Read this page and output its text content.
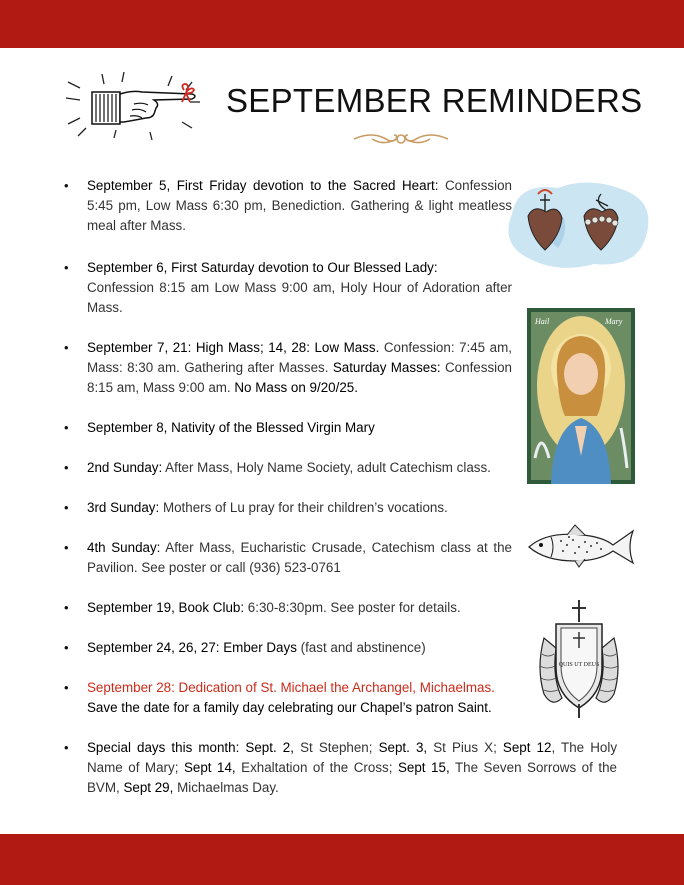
SEPTEMBER REMINDERS
• September 5, First Friday devotion to the Sacred Heart: Confession 5:45 pm, Low Mass 6:30 pm, Benediction. Gathering & light meatless meal after Mass.
• September 6, First Saturday devotion to Our Blessed Lady:
Confession 8:15 am Low Mass 9:00 am, Holy Hour of Adoration after Mass.
• September 7, 21: High Mass; 14, 28: Low Mass. Confession: 7:45 am, Mass: 8:30 am. Gathering after Masses. Saturday Masses: Confession 8:15 am, Mass 9:00 am. No Mass on 9/20/25.
• September 8, Nativity of the Blessed Virgin Mary
• 2nd Sunday: After Mass, Holy Name Society, adult Catechism class.
• 3rd Sunday: Mothers of Lu pray for their children’s vocations.
• 4th Sunday: After Mass, Eucharistic Crusade, Catechism class at the Pavilion. See poster or call (936) 523-0761
• September 19, Book Club: 6:30-8:30pm. See poster for details.
• September 24, 26, 27: Ember Days (fast and abstinence)
• September 28: Dedication of St. Michael the Archangel, Michaelmas.
Save the date for a family day celebrating our Chapel’s patron Saint.
• Special days this month: Sept. 2, St Stephen; Sept. 3, St Pius X; Sept 12, The Holy Name of Mary; Sept 14, Exhaltation of the Cross; Sept 15, The Seven Sorrows of the BVM, Sept 29, Michaelmas Day.
Hail	Mary
QUIS UT DEUS
